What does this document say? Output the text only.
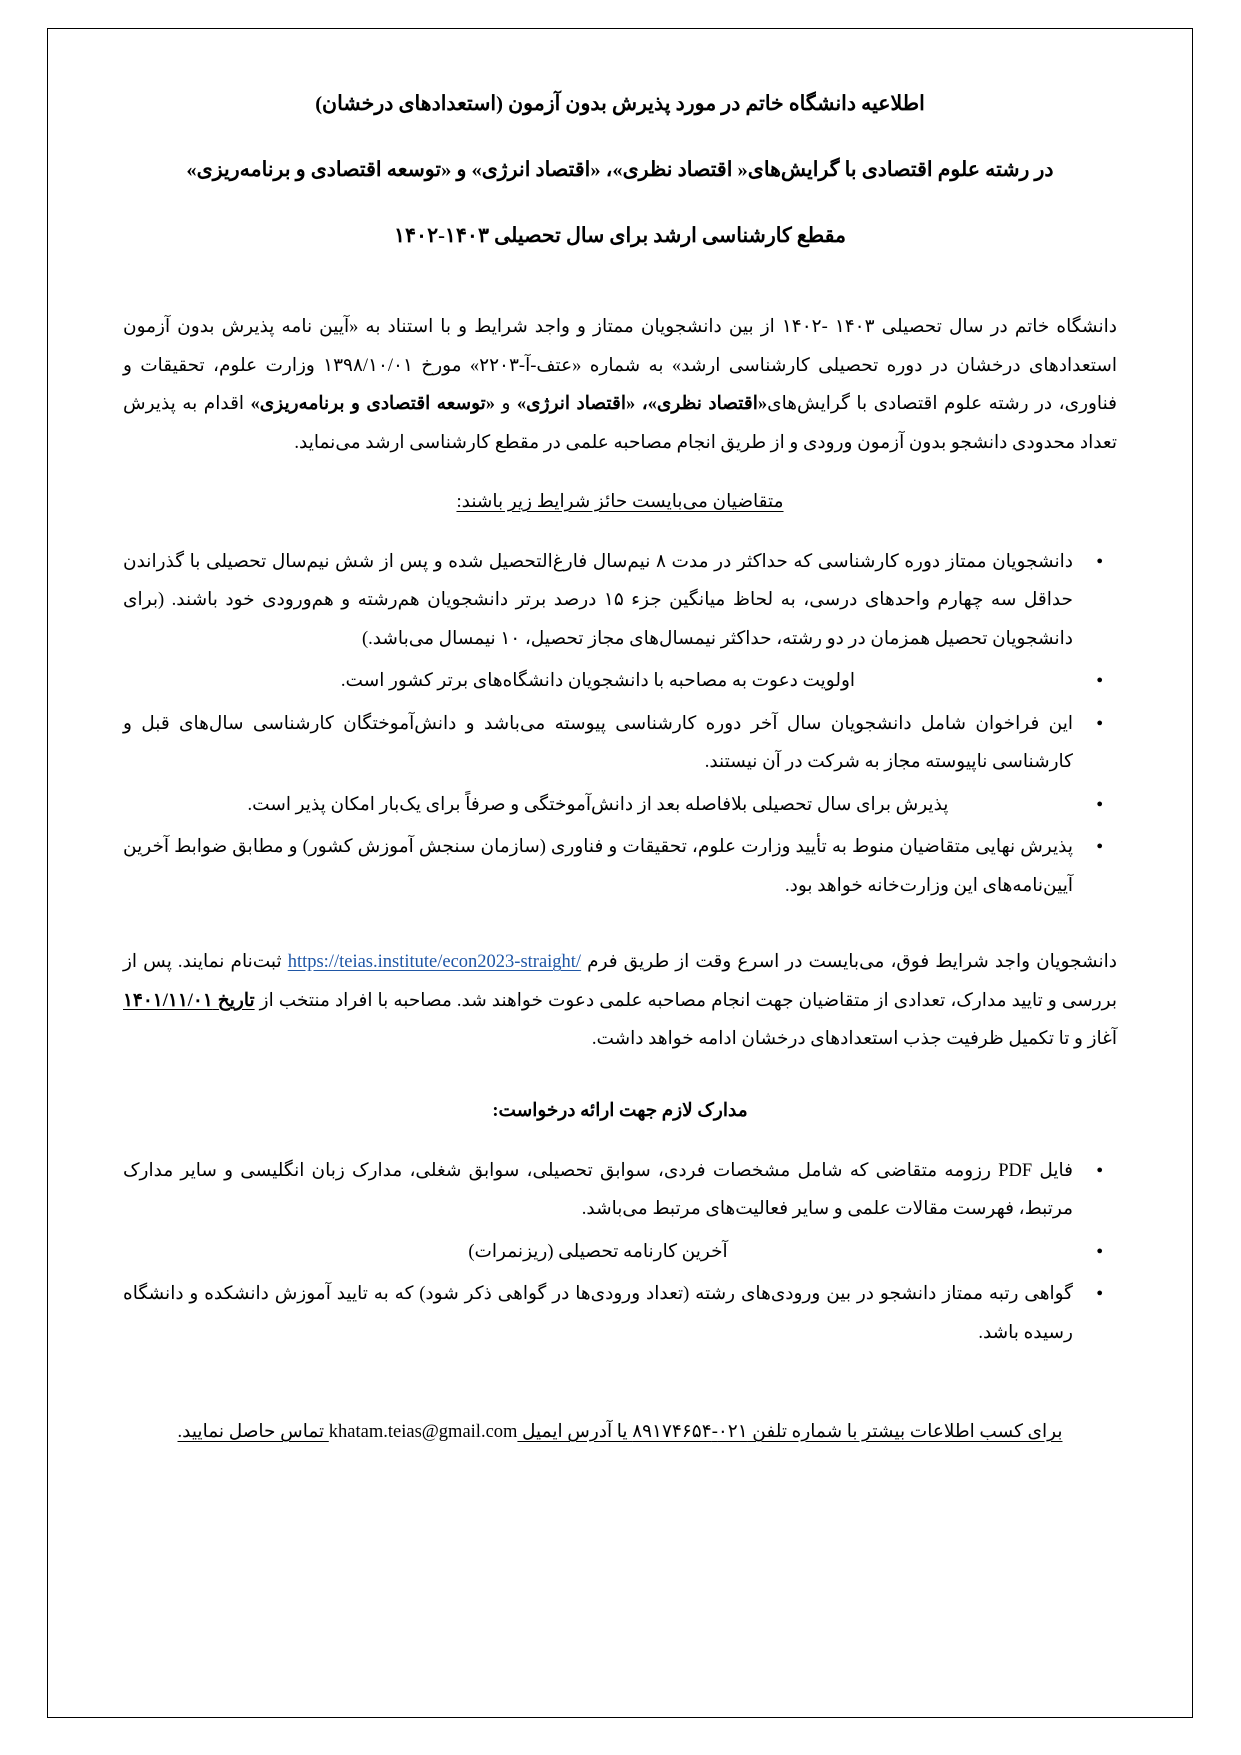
اطلاعیه دانشگاه خاتم در مورد پذیرش بدون آزمون (استعدادهای درخشان)
در رشته علوم اقتصادی با گرایش‌های« اقتصاد نظری»، «اقتصاد انرژی» و «توسعه اقتصادی و برنامه‌ریزی»
مقطع کارشناسی ارشد برای سال تحصیلی ۱۴۰۳-۱۴۰۲

دانشگاه خاتم در سال تحصیلی ۱۴۰۳ -۱۴۰۲ از بین دانشجویان ممتاز و واجد شرایط و با استناد به «آیین نامه پذیرش بدون آزمون استعدادهای درخشان در دوره تحصیلی کارشناسی ارشد» به شماره «عتف-آ-۲۲۰۳» مورخ ۱۳۹۸/۱۰/۰۱ وزارت علوم، تحقیقات و فناوری، در رشته علوم اقتصادی با گرایش‌های«اقتصاد نظری»، «اقتصاد انرژی» و «توسعه اقتصادی و برنامه‌ریزی» اقدام به پذیرش تعداد محدودی دانشجو بدون آزمون ورودی و از طریق انجام مصاحبه علمی در مقطع کارشناسی ارشد می‌نماید.

متقاضیان می‌بایست حائز شرایط زیر باشند:

● دانشجویان ممتاز دوره کارشناسی که حداکثر در مدت ۸ نیم‌سال فارغ‌التحصیل شده و پس از شش نیم‌سال تحصیلی با گذراندن حداقل سه چهارم واحدهای درسی، به لحاظ میانگین جزء ۱۵ درصد برتر دانشجویان هم‌رشته و هم‌ورودی خود باشند. (برای دانشجویان تحصیل همزمان در دو رشته، حداکثر نیمسال‌های مجاز تحصیل، ۱۰ نیمسال می‌باشد.)
● اولویت دعوت به مصاحبه با دانشجویان دانشگاه‌های برتر کشور است.
● این فراخوان شامل دانشجویان سال آخر دوره کارشناسی پیوسته می‌باشد و دانش‌آموختگان کارشناسی سال‌های قبل و کارشناسی ناپیوسته مجاز به شرکت در آن نیستند.
● پذیرش برای سال تحصیلی بلافاصله بعد از دانش‌آموختگی و صرفاً برای یک‌بار امکان پذیر است.
● پذیرش نهایی متقاضیان منوط به تأیید وزارت علوم، تحقیقات و فناوری (سازمان سنجش آموزش کشور) و مطابق ضوابط آخرین آیین‌نامه‌های این وزارت‌خانه خواهد بود.

دانشجویان واجد شرایط فوق، می‌بایست در اسرع وقت از طریق فرم https://teias.institute/econ2023-straight/ ثبت‌نام نمایند. پس از بررسی و تایید مدارک، تعدادی از متقاضیان جهت انجام مصاحبه علمی دعوت خواهند شد. مصاحبه با افراد منتخب از تاریخ ۱۴۰۱/۱۱/۰۱ آغاز و تا تکمیل ظرفیت جذب استعدادهای درخشان ادامه خواهد داشت.

مدارک لازم جهت ارائه درخواست:

● فایل PDF رزومه متقاضی که شامل مشخصات فردی، سوابق تحصیلی، سوابق شغلی، مدارک زبان انگلیسی و سایر مدارک مرتبط، فهرست مقالات علمی و سایر فعالیت‌های مرتبط می‌باشد.
● آخرین کارنامه تحصیلی (ریزنمرات)
● گواهی رتبه ممتاز دانشجو در بین ورودی‌های رشته (تعداد ورودی‌ها در گواهی ذکر شود) که به تایید آموزش دانشکده و دانشگاه رسیده باشد.

برای کسب اطلاعات بیشتر با شماره تلفن ۰۲۱-۸۹۱۷۴۶۵۴ یا آدرس ایمیل khatam.teias@gmail.com تماس حاصل نمایید.
